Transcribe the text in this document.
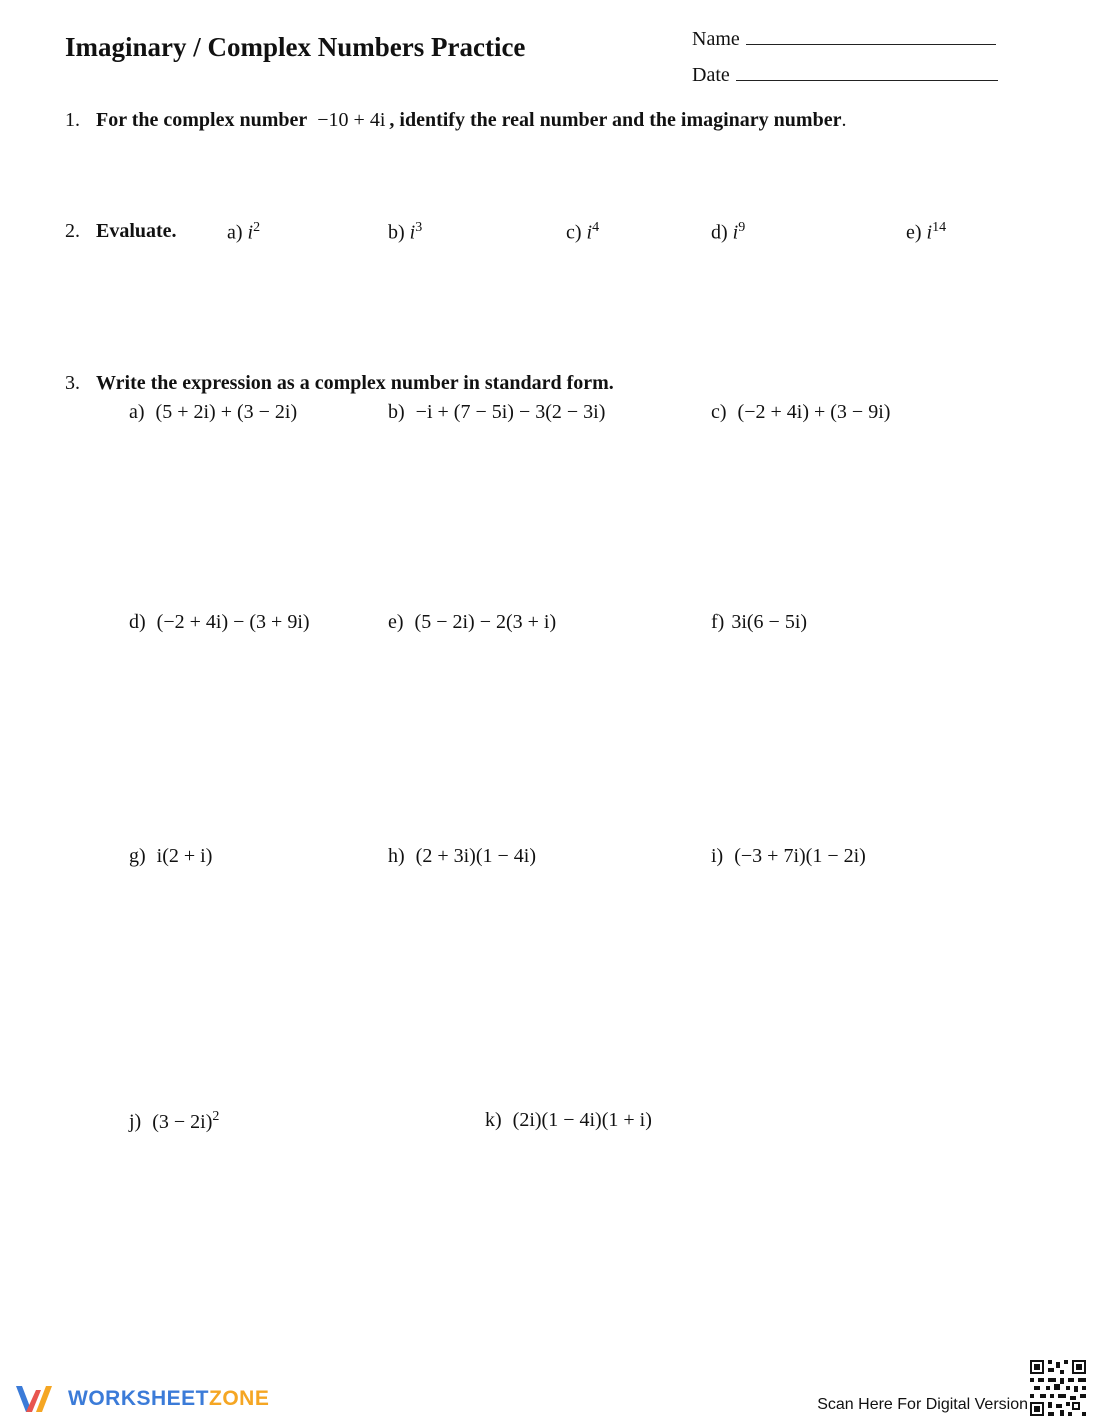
Imaginary / Complex Numbers Practice	Name
Date
1. For the complex number −10 + 4i , identify the real number and the imaginary number.
2. Evaluate.	a) $i^2$	b) $i^3$	c) $i^4$	d) $i^9$	e) $i^{14}$
3. Write the expression as a complex number in standard form.
a) (5 + 2i) + (3 − 2i)	b) −i + (7 − 5i) − 3(2 − 3i)	c) (−2 + 4i) + (3 − 9i)
d) (−2 + 4i) − (3 + 9i)	e) (5 − 2i) − 2(3 + i)	f) 3i(6 − 5i)
g) i(2 + i)	h) (2 + 3i)(1 − 4i)	i) (−3 + 7i)(1 − 2i)
j) $(3 - 2i)^2$	k) (2i)(1 − 4i)(1 + i)
WORKSHEETZONE	Scan Here For Digital Version
